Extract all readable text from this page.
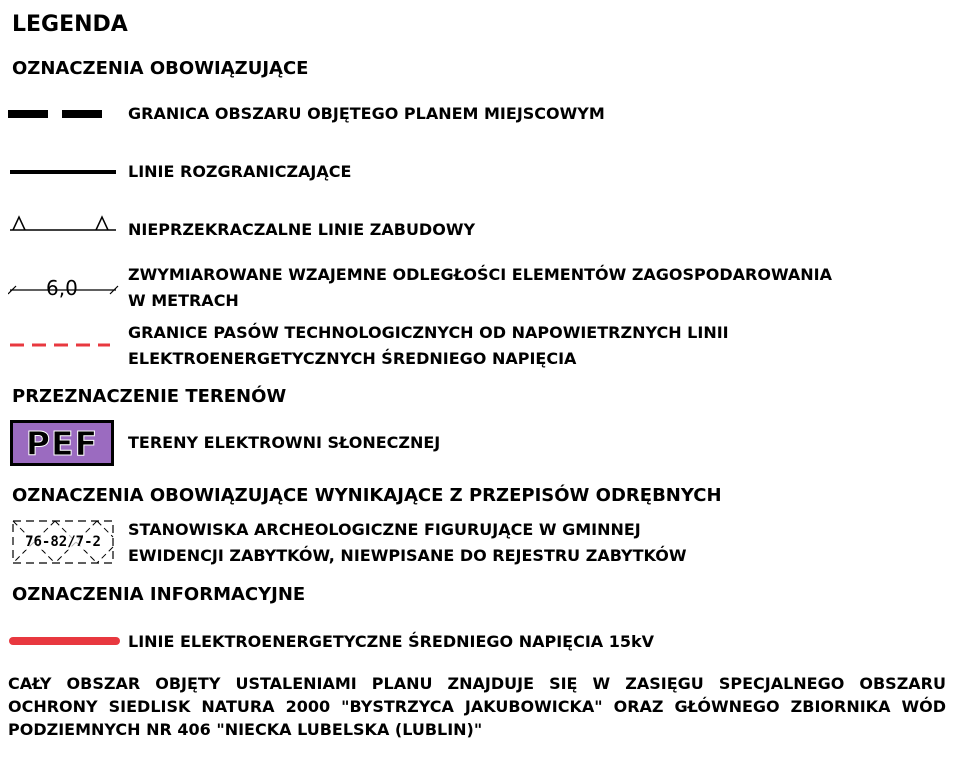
LEGENDA
OZNACZENIA OBOWIĄZUJĄCE
GRANICA OBSZARU OBJĘTEGO PLANEM MIEJSCOWYM
LINIE ROZGRANICZAJĄCE
NIEPRZEKRACZALNE LINIE ZABUDOWY
6,0
ZWYMIAROWANE WZAJEMNE ODLEGŁOŚCI ELEMENTÓW ZAGOSPODAROWANIA
W METRACH
GRANICE PASÓW TECHNOLOGICZNYCH OD NAPOWIETRZNYCH LINII
ELEKTROENERGETYCZNYCH ŚREDNIEGO NAPIĘCIA
PRZEZNACZENIE TERENÓW
PEF TERENY ELEKTROWNI SŁONECZNEJ
OZNACZENIA OBOWIĄZUJĄCE WYNIKAJĄCE Z PRZEPISÓW ODRĘBNYCH
76-82/7-2
STANOWISKA ARCHEOLOGICZNE FIGURUJĄCE W GMINNEJ
EWIDENCJI ZABYTKÓW, NIEWPISANE DO REJESTRU ZABYTKÓW
OZNACZENIA INFORMACYJNE
LINIE ELEKTROENERGETYCZNE ŚREDNIEGO NAPIĘCIA 15kV
CAŁY OBSZAR OBJĘTY USTALENIAMI PLANU ZNAJDUJE SIĘ W ZASIĘGU SPECJALNEGO OBSZARU OCHRONY SIEDLISK NATURA 2000 "BYSTRZYCA JAKUBOWICKA" ORAZ GŁÓWNEGO ZBIORNIKA WÓD PODZIEMNYCH NR 406 "NIECKA LUBELSKA (LUBLIN)"
